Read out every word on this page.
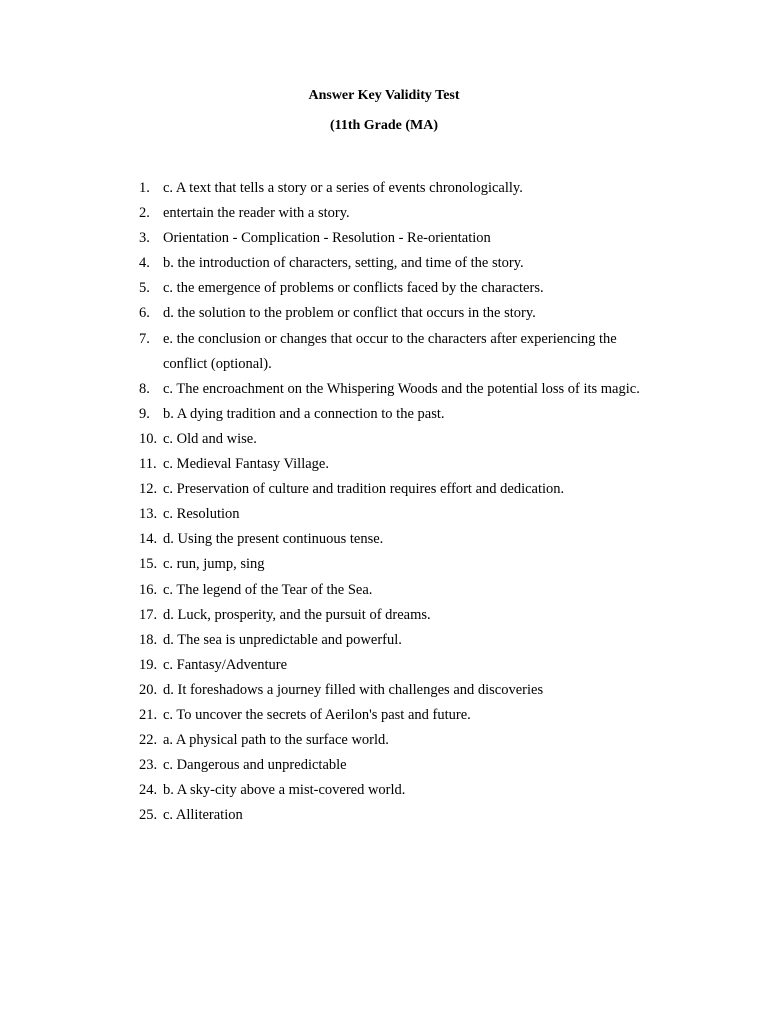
Answer Key Validity Test
(11th Grade (MA)
1. c. A text that tells a story or a series of events chronologically.
2. entertain the reader with a story.
3. Orientation - Complication - Resolution - Re-orientation
4. b. the introduction of characters, setting, and time of the story.
5. c. the emergence of problems or conflicts faced by the characters.
6. d. the solution to the problem or conflict that occurs in the story.
7. e. the conclusion or changes that occur to the characters after experiencing the conflict (optional).
8. c. The encroachment on the Whispering Woods and the potential loss of its magic.
9. b. A dying tradition and a connection to the past.
10. c. Old and wise.
11. c. Medieval Fantasy Village.
12. c. Preservation of culture and tradition requires effort and dedication.
13. c. Resolution
14. d. Using the present continuous tense.
15. c. run, jump, sing
16. c. The legend of the Tear of the Sea.
17. d. Luck, prosperity, and the pursuit of dreams.
18. d. The sea is unpredictable and powerful.
19. c. Fantasy/Adventure
20. d. It foreshadows a journey filled with challenges and discoveries
21. c. To uncover the secrets of Aerilon's past and future.
22. a. A physical path to the surface world.
23. c. Dangerous and unpredictable
24. b. A sky-city above a mist-covered world.
25. c. Alliteration
